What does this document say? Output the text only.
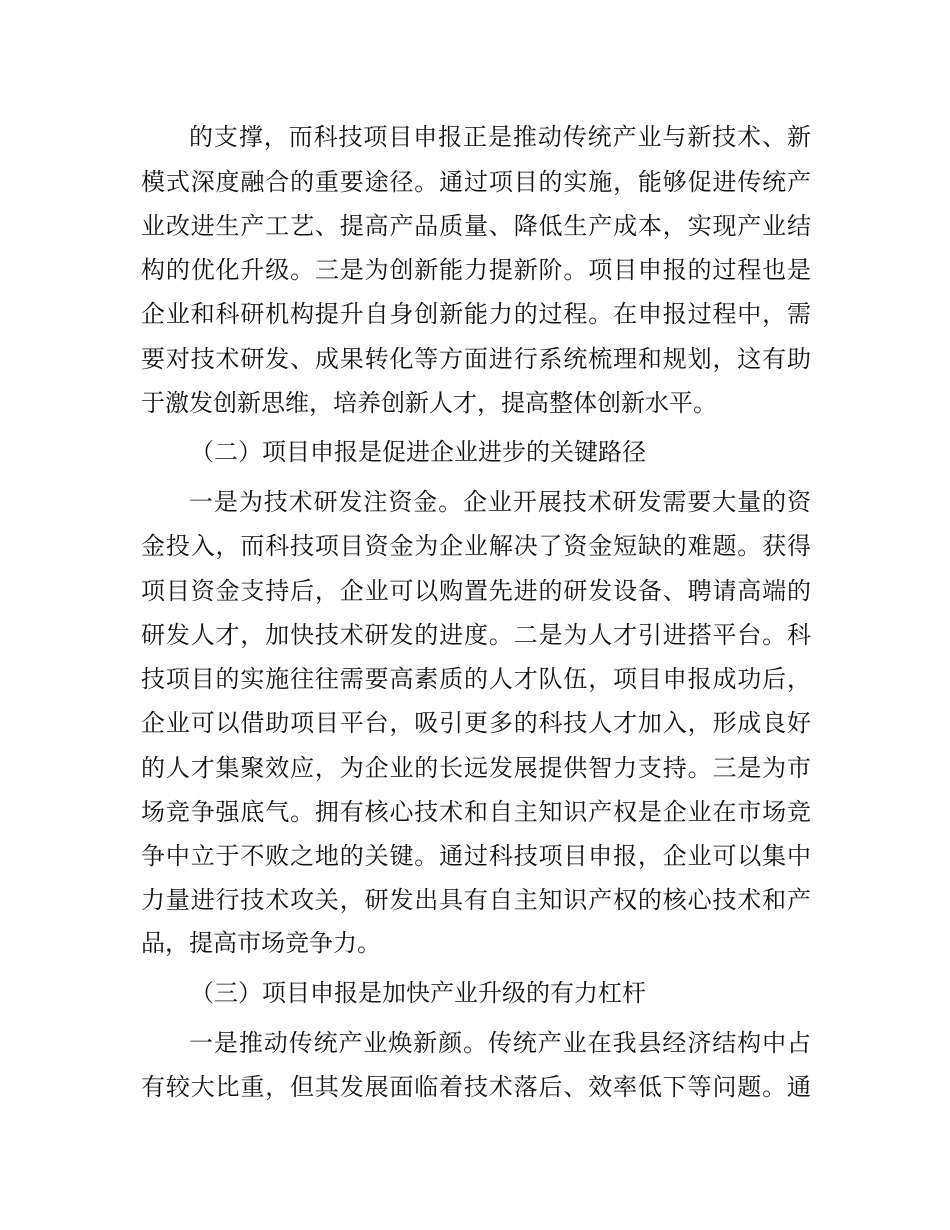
的支撑，而科技项目申报正是推动传统产业与新技术、新
模式深度融合的重要途径。通过项目的实施，能够促进传统产
业改进生产工艺、提高产品质量、降低生产成本，实现产业结
构的优化升级。三是为创新能力提新阶。项目申报的过程也是
企业和科研机构提升自身创新能力的过程。在申报过程中，需
要对技术研发、成果转化等方面进行系统梳理和规划，这有助
于激发创新思维，培养创新人才，提高整体创新水平。
（二）项目申报是促进企业进步的关键路径
一是为技术研发注资金。企业开展技术研发需要大量的资
金投入，而科技项目资金为企业解决了资金短缺的难题。获得
项目资金支持后，企业可以购置先进的研发设备、聘请高端的
研发人才，加快技术研发的进度。二是为人才引进搭平台。科
技项目的实施往往需要高素质的人才队伍，项目申报成功后，
企业可以借助项目平台，吸引更多的科技人才加入，形成良好
的人才集聚效应，为企业的长远发展提供智力支持。三是为市
场竞争强底气。拥有核心技术和自主知识产权是企业在市场竞
争中立于不败之地的关键。通过科技项目申报，企业可以集中
力量进行技术攻关，研发出具有自主知识产权的核心技术和产
品，提高市场竞争力。
（三）项目申报是加快产业升级的有力杠杆
一是推动传统产业焕新颜。传统产业在我县经济结构中占
有较大比重，但其发展面临着技术落后、效率低下等问题。通
